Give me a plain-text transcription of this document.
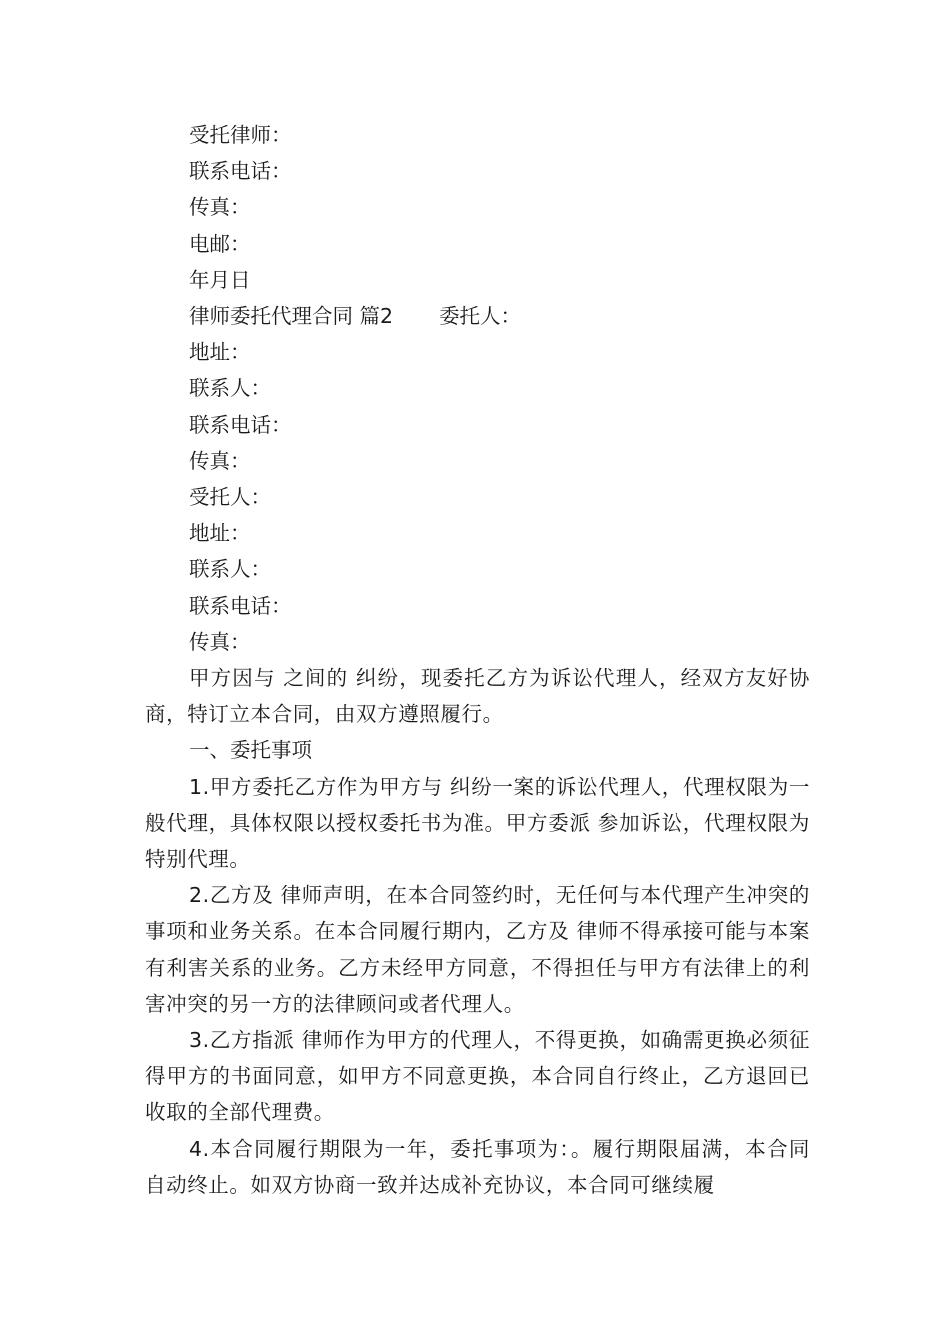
受托律师：

联系电话：

传真：

电邮：

年月日

律师委托代理合同 篇2 委托人：

地址：

联系人：

联系电话：

传真：

受托人：

地址：

联系人：

联系电话：

传真：

甲方因与 之间的 纠纷，现委托乙方为诉讼代理人，经双方友好协商，特订立本合同，由双方遵照履行。

一、委托事项

1.甲方委托乙方作为甲方与 纠纷一案的诉讼代理人，代理权限为一般代理，具体权限以授权委托书为准。甲方委派 参加诉讼，代理权限为特别代理。

2.乙方及 律师声明，在本合同签约时，无任何与本代理产生冲突的事项和业务关系。在本合同履行期内，乙方及 律师不得承接可能与本案有利害关系的业务。乙方未经甲方同意，不得担任与甲方有法律上的利害冲突的另一方的法律顾问或者代理人。

3.乙方指派 律师作为甲方的代理人，不得更换，如确需更换必须征得甲方的书面同意，如甲方不同意更换，本合同自行终止，乙方退回已收取的全部代理费。

4.本合同履行期限为一年，委托事项为：。履行期限届满，本合同自动终止。如双方协商一致并达成补充协议，本合同可继续履
